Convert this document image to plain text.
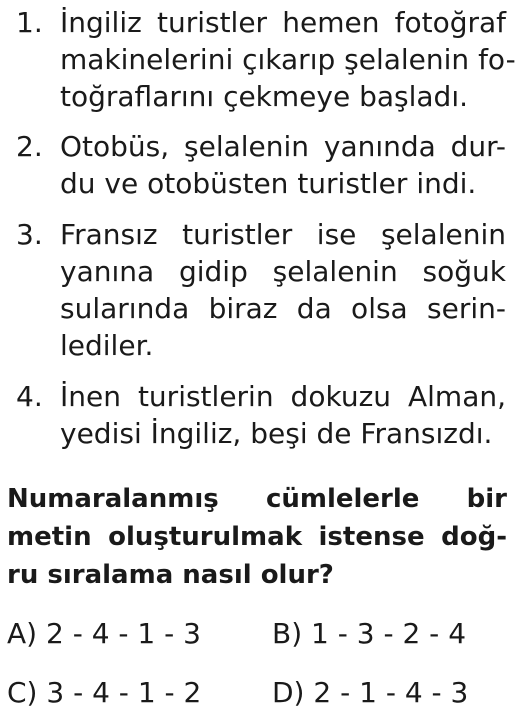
1. İngiliz turistler hemen fotoğraf
makinelerini çıkarıp şelalenin fo-
toğraflarını çekmeye başladı.
2. Otobüs, şelalenin yanında dur-
du ve otobüsten turistler indi.
3. Fransız turistler ise şelalenin
yanına gidip şelalenin soğuk
sularında biraz da olsa serin-
lediler.
4. İnen turistlerin dokuzu Alman,
yedisi İngiliz, beşi de Fransızdı.
Numaralanmış cümlelerle bir
metin oluşturulmak istense doğ-
ru sıralama nasıl olur?
A) 2 - 4 - 1 - 3	B) 1 - 3 - 2 - 4
C) 3 - 4 - 1 - 2	D) 2 - 1 - 4 - 3
